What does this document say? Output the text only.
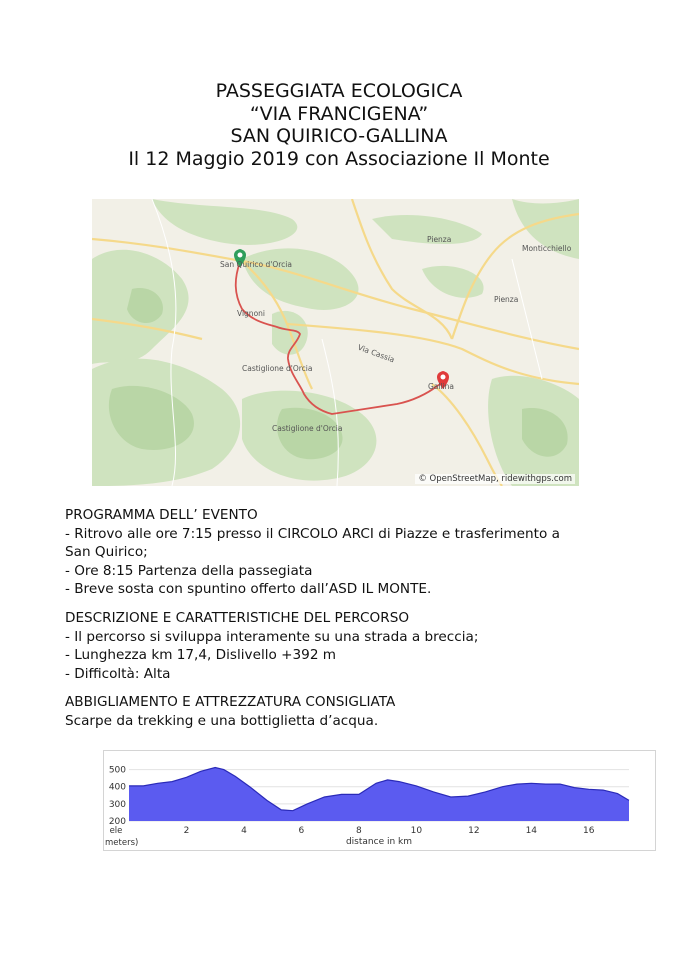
PASSEGGIATA ECOLOGICA
“VIA FRANCIGENA”
SAN QUIRICO-GALLINA
Il 12 Maggio 2019 con Associazione Il Monte
San Quirico d'Orcia
Vignoni
Castiglione d'Orcia
Castiglione d'Orcia
Gallina
Via Cassia
Pienza
Pienza
Monticchiello
© OpenStreetMap, ridewithgps.com
PROGRAMMA DELL’ EVENTO
- Ritrovo alle ore 7:15 presso il CIRCOLO ARCI di Piazze e trasferimento a
San Quirico;
- Ore 8:15 Partenza della passegiata
- Breve sosta con spuntino offerto dall’ASD IL MONTE.
DESCRIZIONE E CARATTERISTICHE DEL PERCORSO
- Il percorso si sviluppa interamente su una strada a breccia;
- Lunghezza km 17,4, Dislivello +392 m
- Difficoltà: Alta
ABBIGLIAMENTO E ATTREZZATURA CONSIGLIATA
Scarpe da trekking e una bottiglietta d’acqua.
200
300
400
500
2	4	6	8	10	12	14	16
ele
meters)	distance in km
